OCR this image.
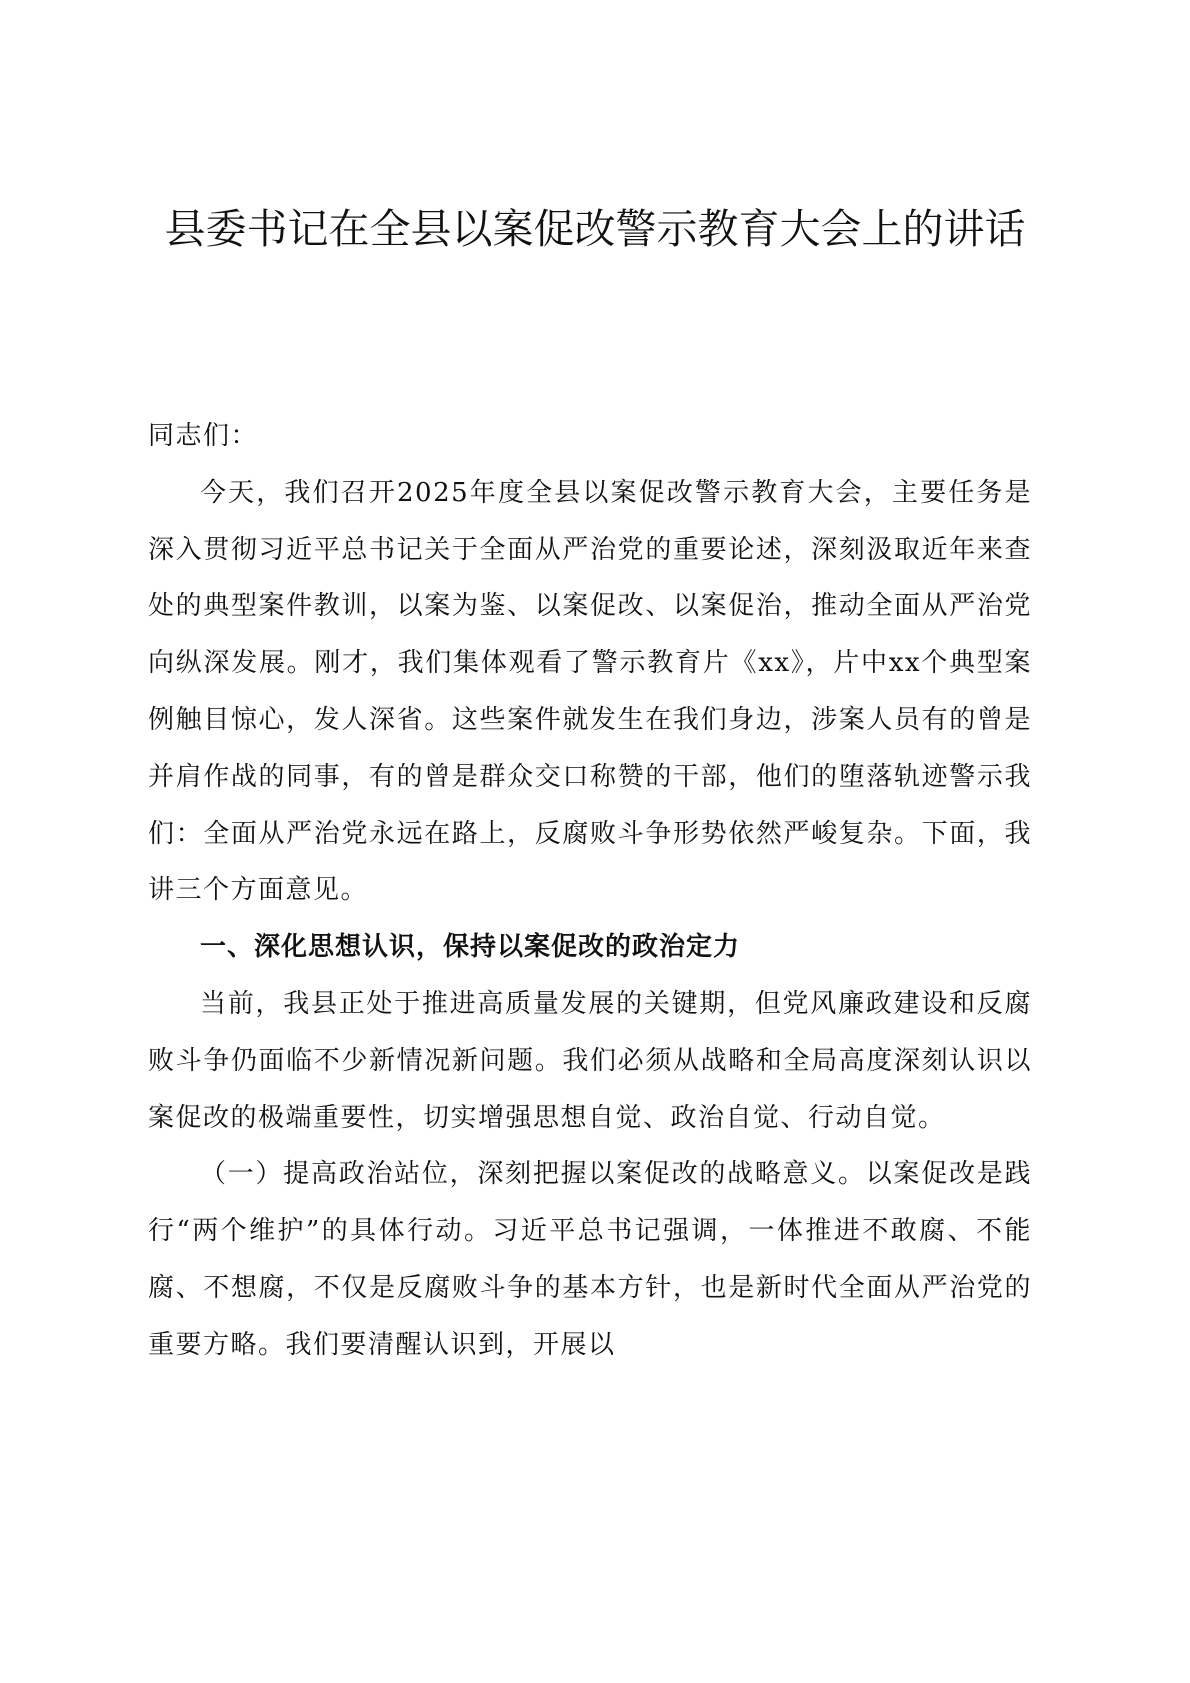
县委书记在全县以案促改警示教育大会上的讲话

同志们：

今天，我们召开2025年度全县以案促改警示教育大会，主要任务是深入贯彻习近平总书记关于全面从严治党的重要论述，深刻汲取近年来查处的典型案件教训，以案为鉴、以案促改、以案促治，推动全面从严治党向纵深发展。刚才，我们集体观看了警示教育片《xx》，片中xx个典型案例触目惊心，发人深省。这些案件就发生在我们身边，涉案人员有的曾是并肩作战的同事，有的曾是群众交口称赞的干部，他们的堕落轨迹警示我们：全面从严治党永远在路上，反腐败斗争形势依然严峻复杂。下面，我讲三个方面意见。

一、深化思想认识，保持以案促改的政治定力

当前，我县正处于推进高质量发展的关键期，但党风廉政建设和反腐败斗争仍面临不少新情况新问题。我们必须从战略和全局高度深刻认识以案促改的极端重要性，切实增强思想自觉、政治自觉、行动自觉。

（一）提高政治站位，深刻把握以案促改的战略意义。以案促改是践行“两个维护”的具体行动。习近平总书记强调，一体推进不敢腐、不能腐、不想腐，不仅是反腐败斗争的基本方针，也是新时代全面从严治党的重要方略。我们要清醒认识到，开展以
